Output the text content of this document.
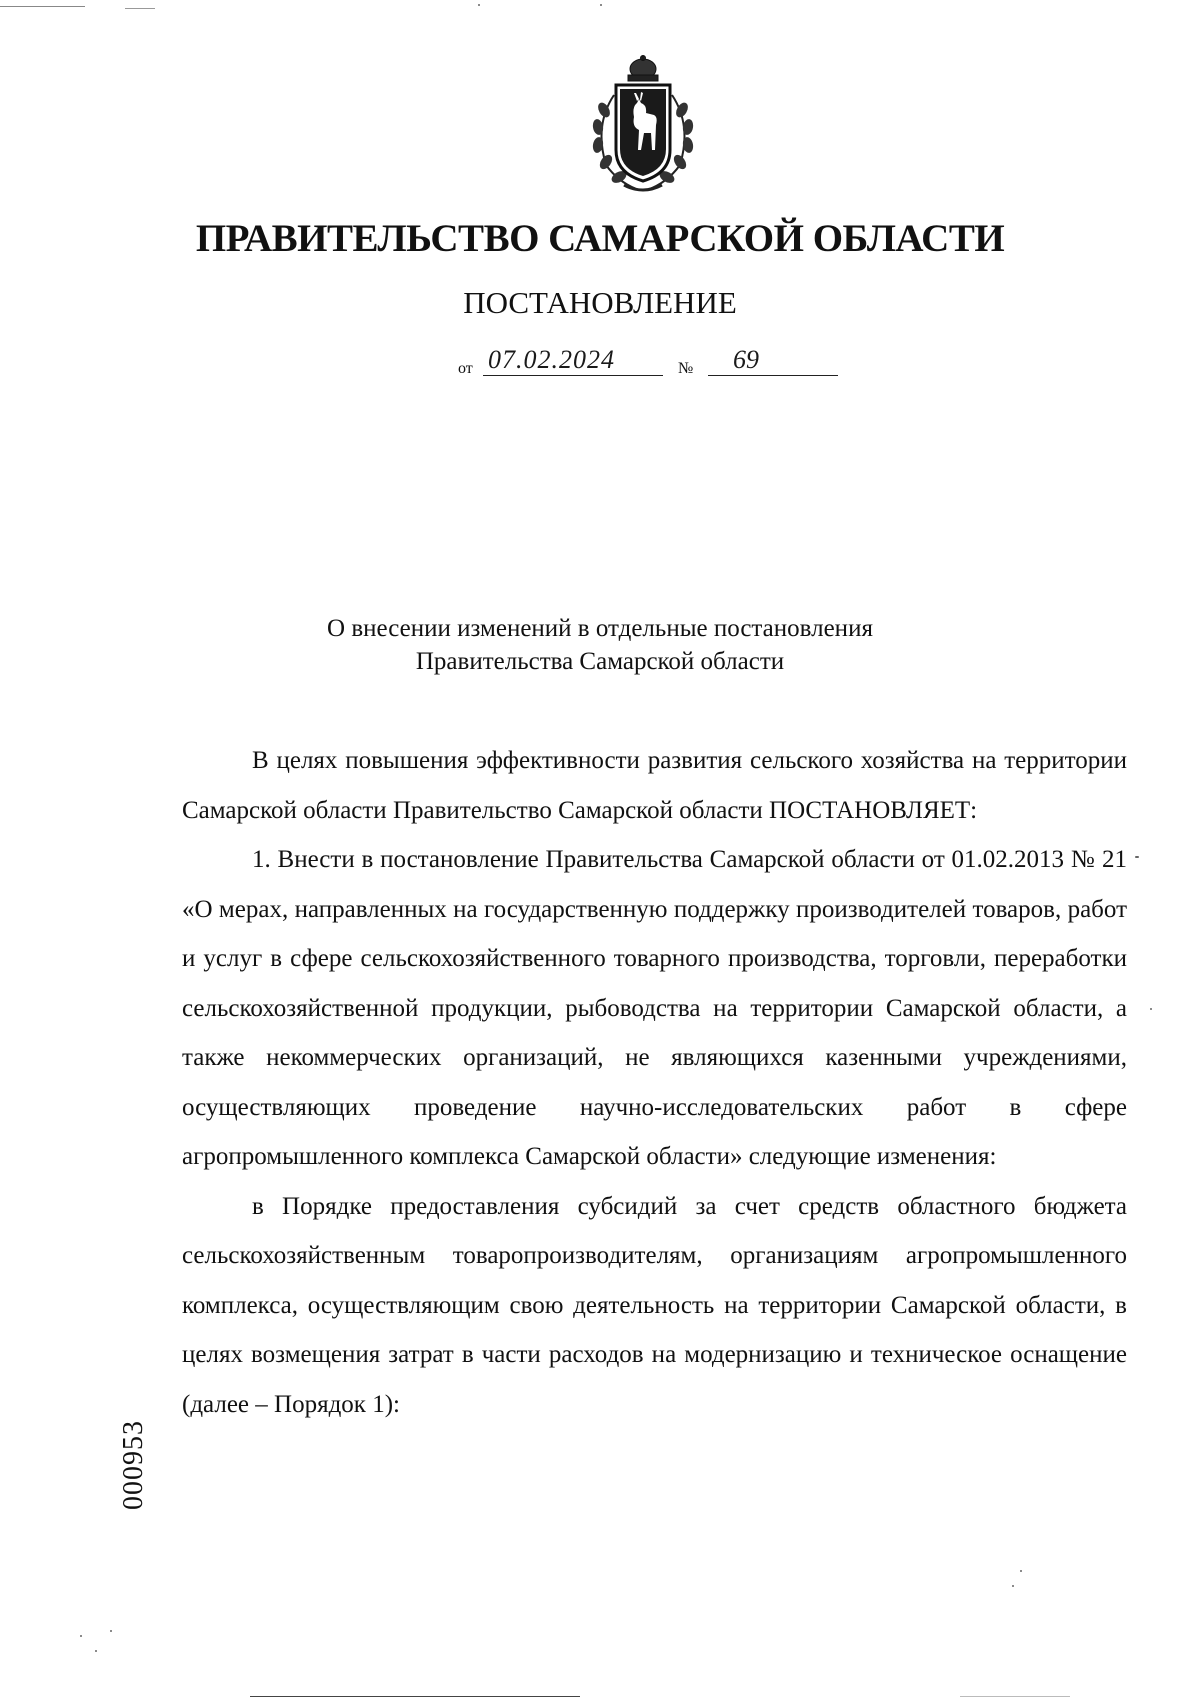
ПРАВИТЕЛЬСТВО САМАРСКОЙ ОБЛАСТИ
ПОСТАНОВЛЕНИЕ
от 07.02.2024	№ 69
О внесении изменений в отдельные постановления
Правительства Самарской области

В целях повышения эффективности развития сельского хозяйства на территории Самарской области Правительство Самарской области ПОСТАНОВЛЯЕТ:

1. Внести в постановление Правительства Самарской области от 01.02.2013 № 21 «О мерах, направленных на государственную поддержку производителей товаров, работ и услуг в сфере сельскохозяйственного товарного производства, торговли, переработки сельскохозяйственной продукции, рыбоводства на территории Самарской области, а также некоммерческих организаций, не являющихся казенными учреждениями, осуществляющих проведение научно-исследовательских работ в сфере агропромышленного комплекса Самарской области» следующие изменения:

в Порядке предоставления субсидий за счет средств областного бюджета сельскохозяйственным товаропроизводителям, организациям агропромышленного комплекса, осуществляющим свою деятельность на территории Самарской области, в целях возмещения затрат в части расходов на модернизацию и техническое оснащение (далее – Порядок 1):

000953
